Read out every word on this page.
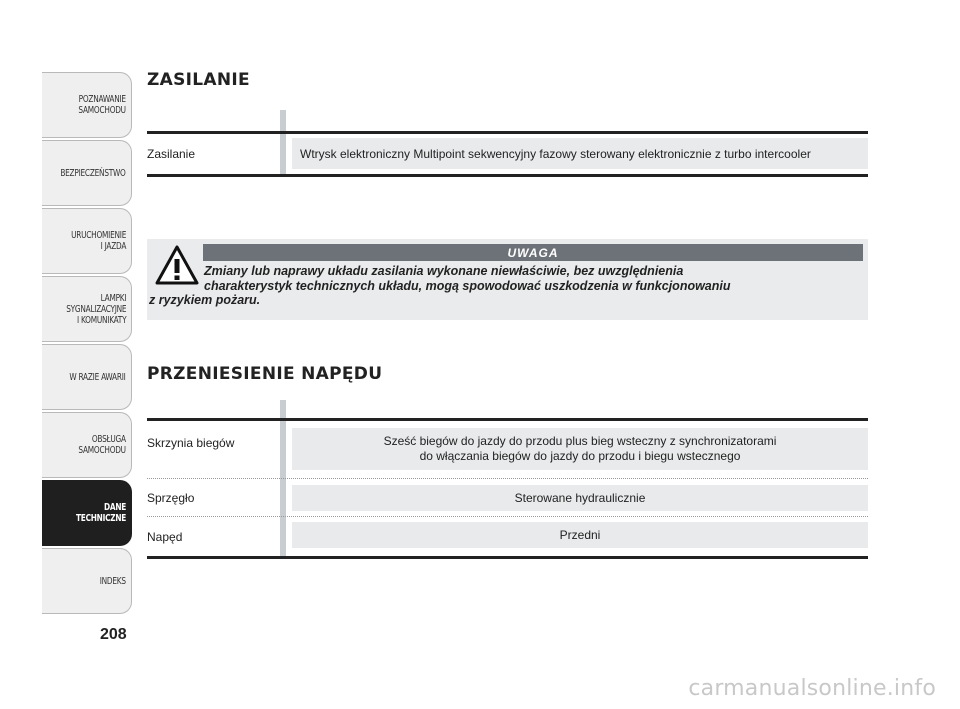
POZNAWANIE
SAMOCHODU
BEZPIECZEŃSTWO
URUCHOMIENIE
I JAZDA
LAMPKI
SYGNALIZACYJNE
I KOMUNIKATY
W RAZIE AWARII
OBSŁUGA
SAMOCHODU
DANE
TECHNICZNE
INDEKS
208
ZASILANIE
Zasilanie	Wtrysk elektroniczny Multipoint sekwencyjny fazowy sterowany elektronicznie z turbo intercooler
UWAGA
Zmiany lub naprawy układu zasilania wykonane niewłaściwie, bez uwzględnienia
charakterystyk technicznych układu, mogą spowodować uszkodzenia w funkcjonowaniu
z ryzykiem pożaru.
PRZENIESIENIE NAPĘDU
Skrzynia biegów	Sześć biegów do jazdy do przodu plus bieg wsteczny z synchronizatorami
do włączania biegów do jazdy do przodu i biegu wstecznego
Sprzęgło	Sterowane hydraulicznie
Napęd	Przedni
carmanualsonline.info
